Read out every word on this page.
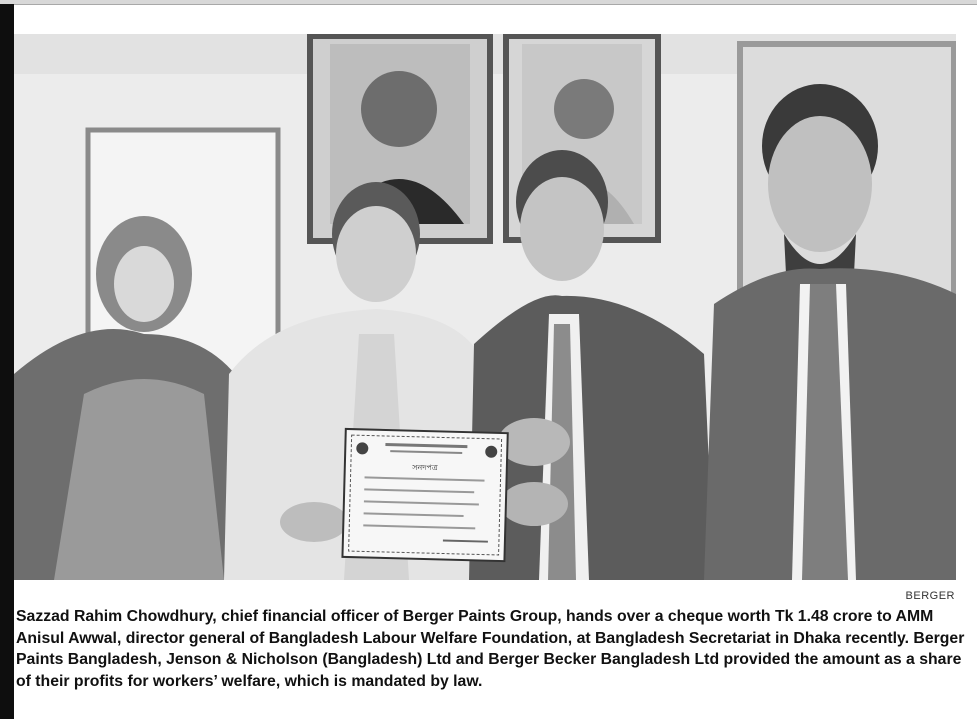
সনদপত্র
BERGER

Sazzad Rahim Chowdhury, chief financial officer of Berger Paints Group, hands over a cheque worth Tk 1.48 crore to AMM Anisul Awwal, director general of Bangladesh Labour Welfare Foundation, at Bangladesh Secretariat in Dhaka recently. Berger Paints Bangladesh, Jenson & Nicholson (Bangladesh) Ltd and Berger Becker Bangladesh Ltd provided the amount as a share of their profits for workers’ welfare, which is mandated by law.
